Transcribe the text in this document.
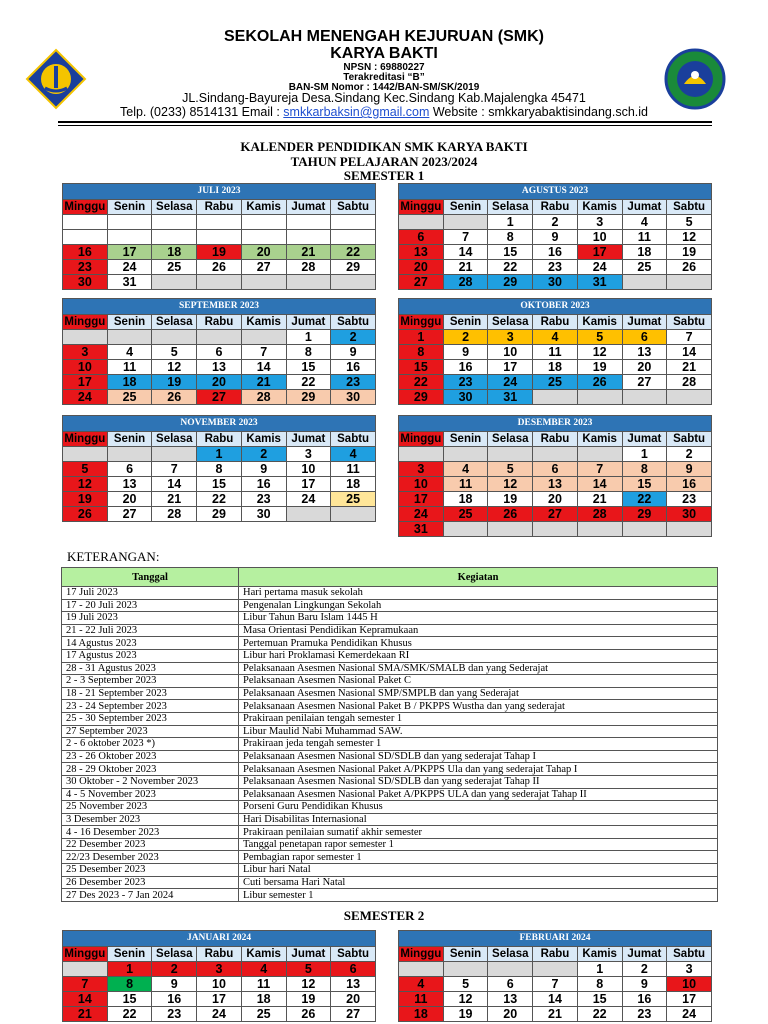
SEKOLAH MENENGAH KEJURUAN (SMK)
KARYA BAKTI
NPSN : 69880227
Terakreditasi “B”
BAN-SM Nomor : 1442/BAN-SM/SK/2019
JL.Sindang-Bayureja Desa.Sindang Kec.Sindang Kab.Majalengka 45471
Telp. (0233) 8514131 Email : smkkarbaksin@gmail.com Website : smkkaryabaktisindang.sch.id
KALENDER PENDIDIKAN SMK KARYA BAKTI
TAHUN PELAJARAN 2023/2024
SEMESTER 1
SEMESTER 2
JULI 2023						
Minggu	Senin	Selasa	Rabu	Kamis	Jumat	Sabtu

16	17	18	19	20	21	22
23	24	25	26	27	28	29
30	31					
AGUSTUS 2023						
Minggu	Senin	Selasa	Rabu	Kamis	Jumat	Sabtu
		1	2	3	4	5
6	7	8	9	10	11	12
13	14	15	16	17	18	19
20	21	22	23	24	25	26
27	28	29	30	31		
SEPTEMBER 2023						
Minggu	Senin	Selasa	Rabu	Kamis	Jumat	Sabtu
					1	2
3	4	5	6	7	8	9
10	11	12	13	14	15	16
17	18	19	20	21	22	23
24	25	26	27	28	29	30
OKTOBER 2023						
Minggu	Senin	Selasa	Rabu	Kamis	Jumat	Sabtu
1	2	3	4	5	6	7
8	9	10	11	12	13	14
15	16	17	18	19	20	21
22	23	24	25	26	27	28
29	30	31				
NOVEMBER 2023						
Minggu	Senin	Selasa	Rabu	Kamis	Jumat	Sabtu
			1	2	3	4
5	6	7	8	9	10	11
12	13	14	15	16	17	18
19	20	21	22	23	24	25
26	27	28	29	30		
DESEMBER 2023						
Minggu	Senin	Selasa	Rabu	Kamis	Jumat	Sabtu
					1	2
3	4	5	6	7	8	9
10	11	12	13	14	15	16
17	18	19	20	21	22	23
24	25	26	27	28	29	30
31						
JANUARI 2024						
Minggu	Senin	Selasa	Rabu	Kamis	Jumat	Sabtu
	1	2	3	4	5	6
7	8	9	10	11	12	13
14	15	16	17	18	19	20
21	22	23	24	25	26	27
FEBRUARI 2024						
Minggu	Senin	Selasa	Rabu	Kamis	Jumat	Sabtu
				1	2	3
4	5	6	7	8	9	10
11	12	13	14	15	16	17
18	19	20	21	22	23	24
KETERANGAN:
Tanggal	Kegiatan
17 Juli 2023	Hari pertama masuk sekolah
17 - 20 Juli 2023	Pengenalan Lingkungan Sekolah
19 Juli 2023	Libur Tahun Baru Islam 1445 H
21 - 22 Juli 2023	Masa Orientasi Pendidikan Kepramukaan
14 Agustus 2023	Pertemuan Pramuka Pendidikan Khusus
17 Agustus 2023	Libur hari Proklamasi Kemerdekaan RI
28 - 31 Agustus 2023	Pelaksanaan Asesmen Nasional SMA/SMK/SMALB dan yang Sederajat
2 - 3 September 2023	Pelaksanaan Asesmen Nasional Paket C
18 - 21 September 2023	Pelaksanaan Asesmen Nasional SMP/SMPLB dan yang Sederajat
23 - 24 September 2023	Pelaksanaan Asesmen Nasional Paket B / PKPPS Wustha dan yang sederajat
25 - 30 September 2023	Prakiraan penilaian tengah semester 1
27 September 2023	Libur Maulid Nabi Muhammad SAW.
2 - 6 oktober 2023 *)	Prakiraan jeda tengah semester 1
23 - 26 Oktober 2023	Pelaksanaan Asesmen Nasional SD/SDLB dan yang sederajat Tahap I
28 - 29 Oktober 2023	Pelaksanaan Asesmen Nasional Paket A/PKPPS Ula dan yang sederajat Tahap I
30 Oktober - 2 November 2023	Pelaksanaan Asesmen Nasional SD/SDLB dan yang sederajat Tahap II
4 - 5 November 2023	Pelaksanaan Asesmen Nasional Paket A/PKPPS ULA dan yang sederajat Tahap II
25 November 2023	Porseni Guru Pendidikan Khusus
3 Desember 2023	Hari Disabilitas Internasional
4 - 16 Desember 2023	Prakiraan penilaian sumatif akhir semester
22 Desember 2023	Tanggal penetapan rapor semester 1
22/23 Desember 2023	Pembagian rapor semester 1
25 Desember 2023	Libur hari Natal
26 Desember 2023	Cuti bersama Hari Natal
27 Des 2023 - 7 Jan 2024	Libur semester 1
